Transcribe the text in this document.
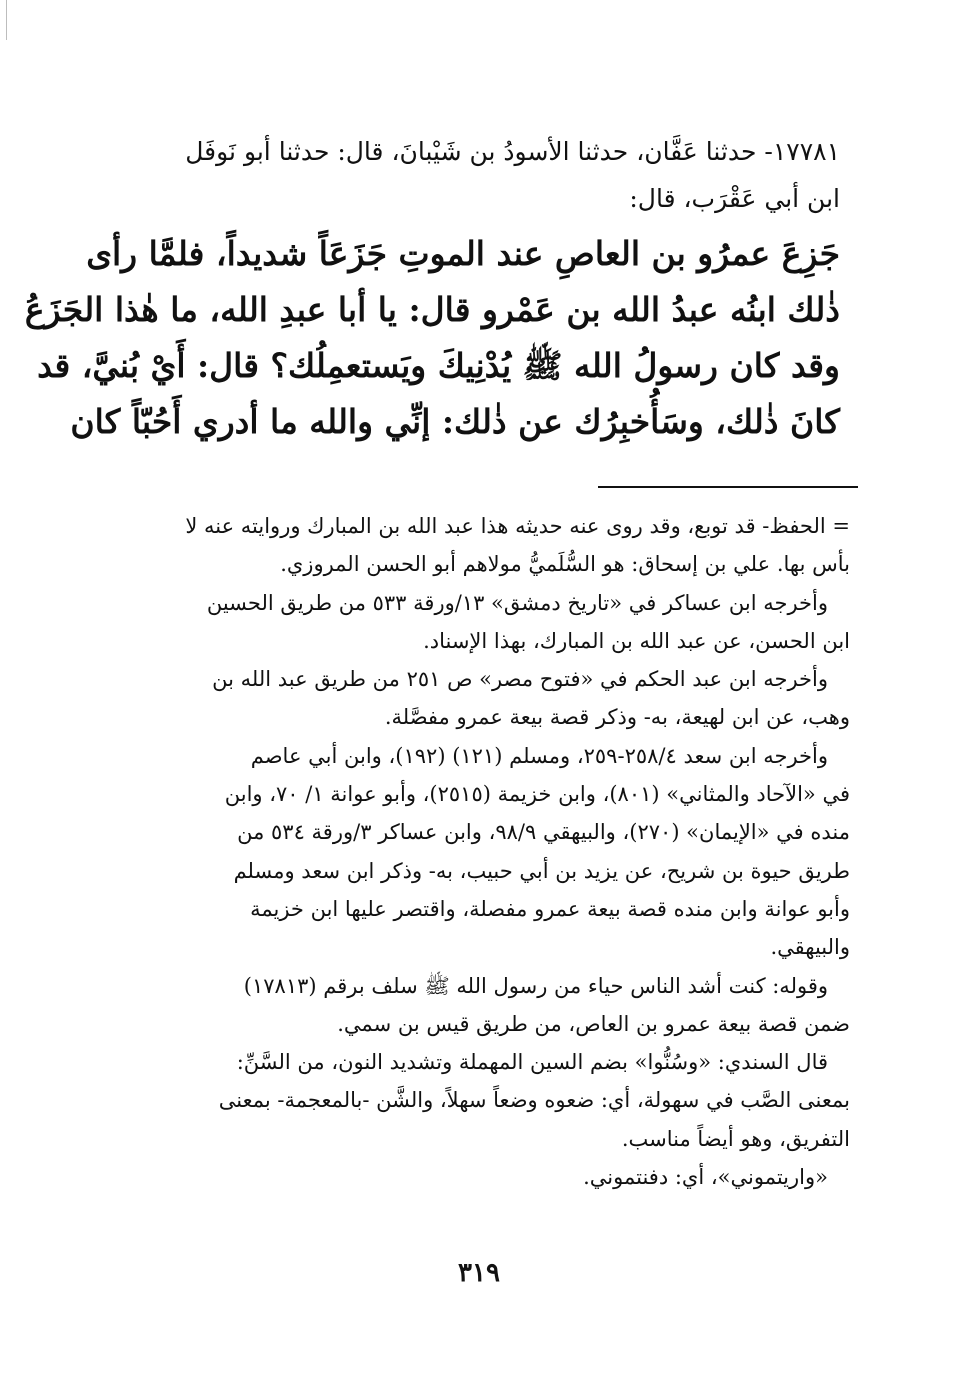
١٧٧٨١- حدثنا عَفَّان، حدثنا الأسودُ بن شَيْبانَ، قال: حدثنا أبو نَوفَل
ابن أبي عَقْرَب، قال:
جَزِعَ عمرُو بن العاصِ عند الموتِ جَزَعَاً شديداً، فلمَّا رأى
ذٰلك ابنُه عبدُ الله بن عَمْرو قال: يا أبا عبدِ الله، ما هٰذا الجَزَعُ
وقد كان رسولُ الله ﷺ يُدْنِيكَ ويَستعمِلُك؟ قال: أَيْ بُنيَّ، قد
كانَ ذٰلك، وسَأُخبِرُك عن ذٰلك: إنِّي والله ما أدري أَحُبّاً كان
= الحفظ- قد توبع، وقد روى عنه حديثه هذا عبد الله بن المبارك وروايته عنه لا
بأس بها. علي بن إسحاق: هو السُّلَميُّ مولاهم أبو الحسن المروزي.
وأخرجه ابن عساكر في «تاريخ دمشق» ١٣/ورقة ٥٣٣ من طريق الحسين
ابن الحسن، عن عبد الله بن المبارك، بهذا الإسناد.
وأخرجه ابن عبد الحكم في «فتوح مصر» ص ٢٥١ من طريق عبد الله بن
وهب، عن ابن لهيعة، به- وذكر قصة بيعة عمرو مفصَّلة.
وأخرجه ابن سعد ٢٥٨/٤-٢٥٩، ومسلم (١٢١) (١٩٢)، وابن أبي عاصم
في «الآحاد والمثاني» (٨٠١)، وابن خزيمة (٢٥١٥)، وأبو عوانة ١/ ٧٠، وابن
منده في «الإيمان» (٢٧٠)، والبيهقي ٩٨/٩، وابن عساكر ٣/ورقة ٥٣٤ من
طريق حيوة بن شريح، عن يزيد بن أبي حبيب، به- وذكر ابن سعد ومسلم
وأبو عوانة وابن منده قصة بيعة عمرو مفصلة، واقتصر عليها ابن خزيمة
والبيهقي.
وقوله: كنت أشد الناس حياء من رسول الله ﷺ سلف برقم (١٧٨١٣)
ضمن قصة بيعة عمرو بن العاص، من طريق قيس بن سمي.
قال السندي: «وسُنُّوا» بضم السين المهملة وتشديد النون، من السَّنِّ:
بمعنى الصَّب في سهولة، أي: ضعوه وضعاً سهلاً، والشَّن -بالمعجمة- بمعنى
التفريق، وهو أيضاً مناسب.
«واريتموني»، أي: دفنتموني.
٣١٩
